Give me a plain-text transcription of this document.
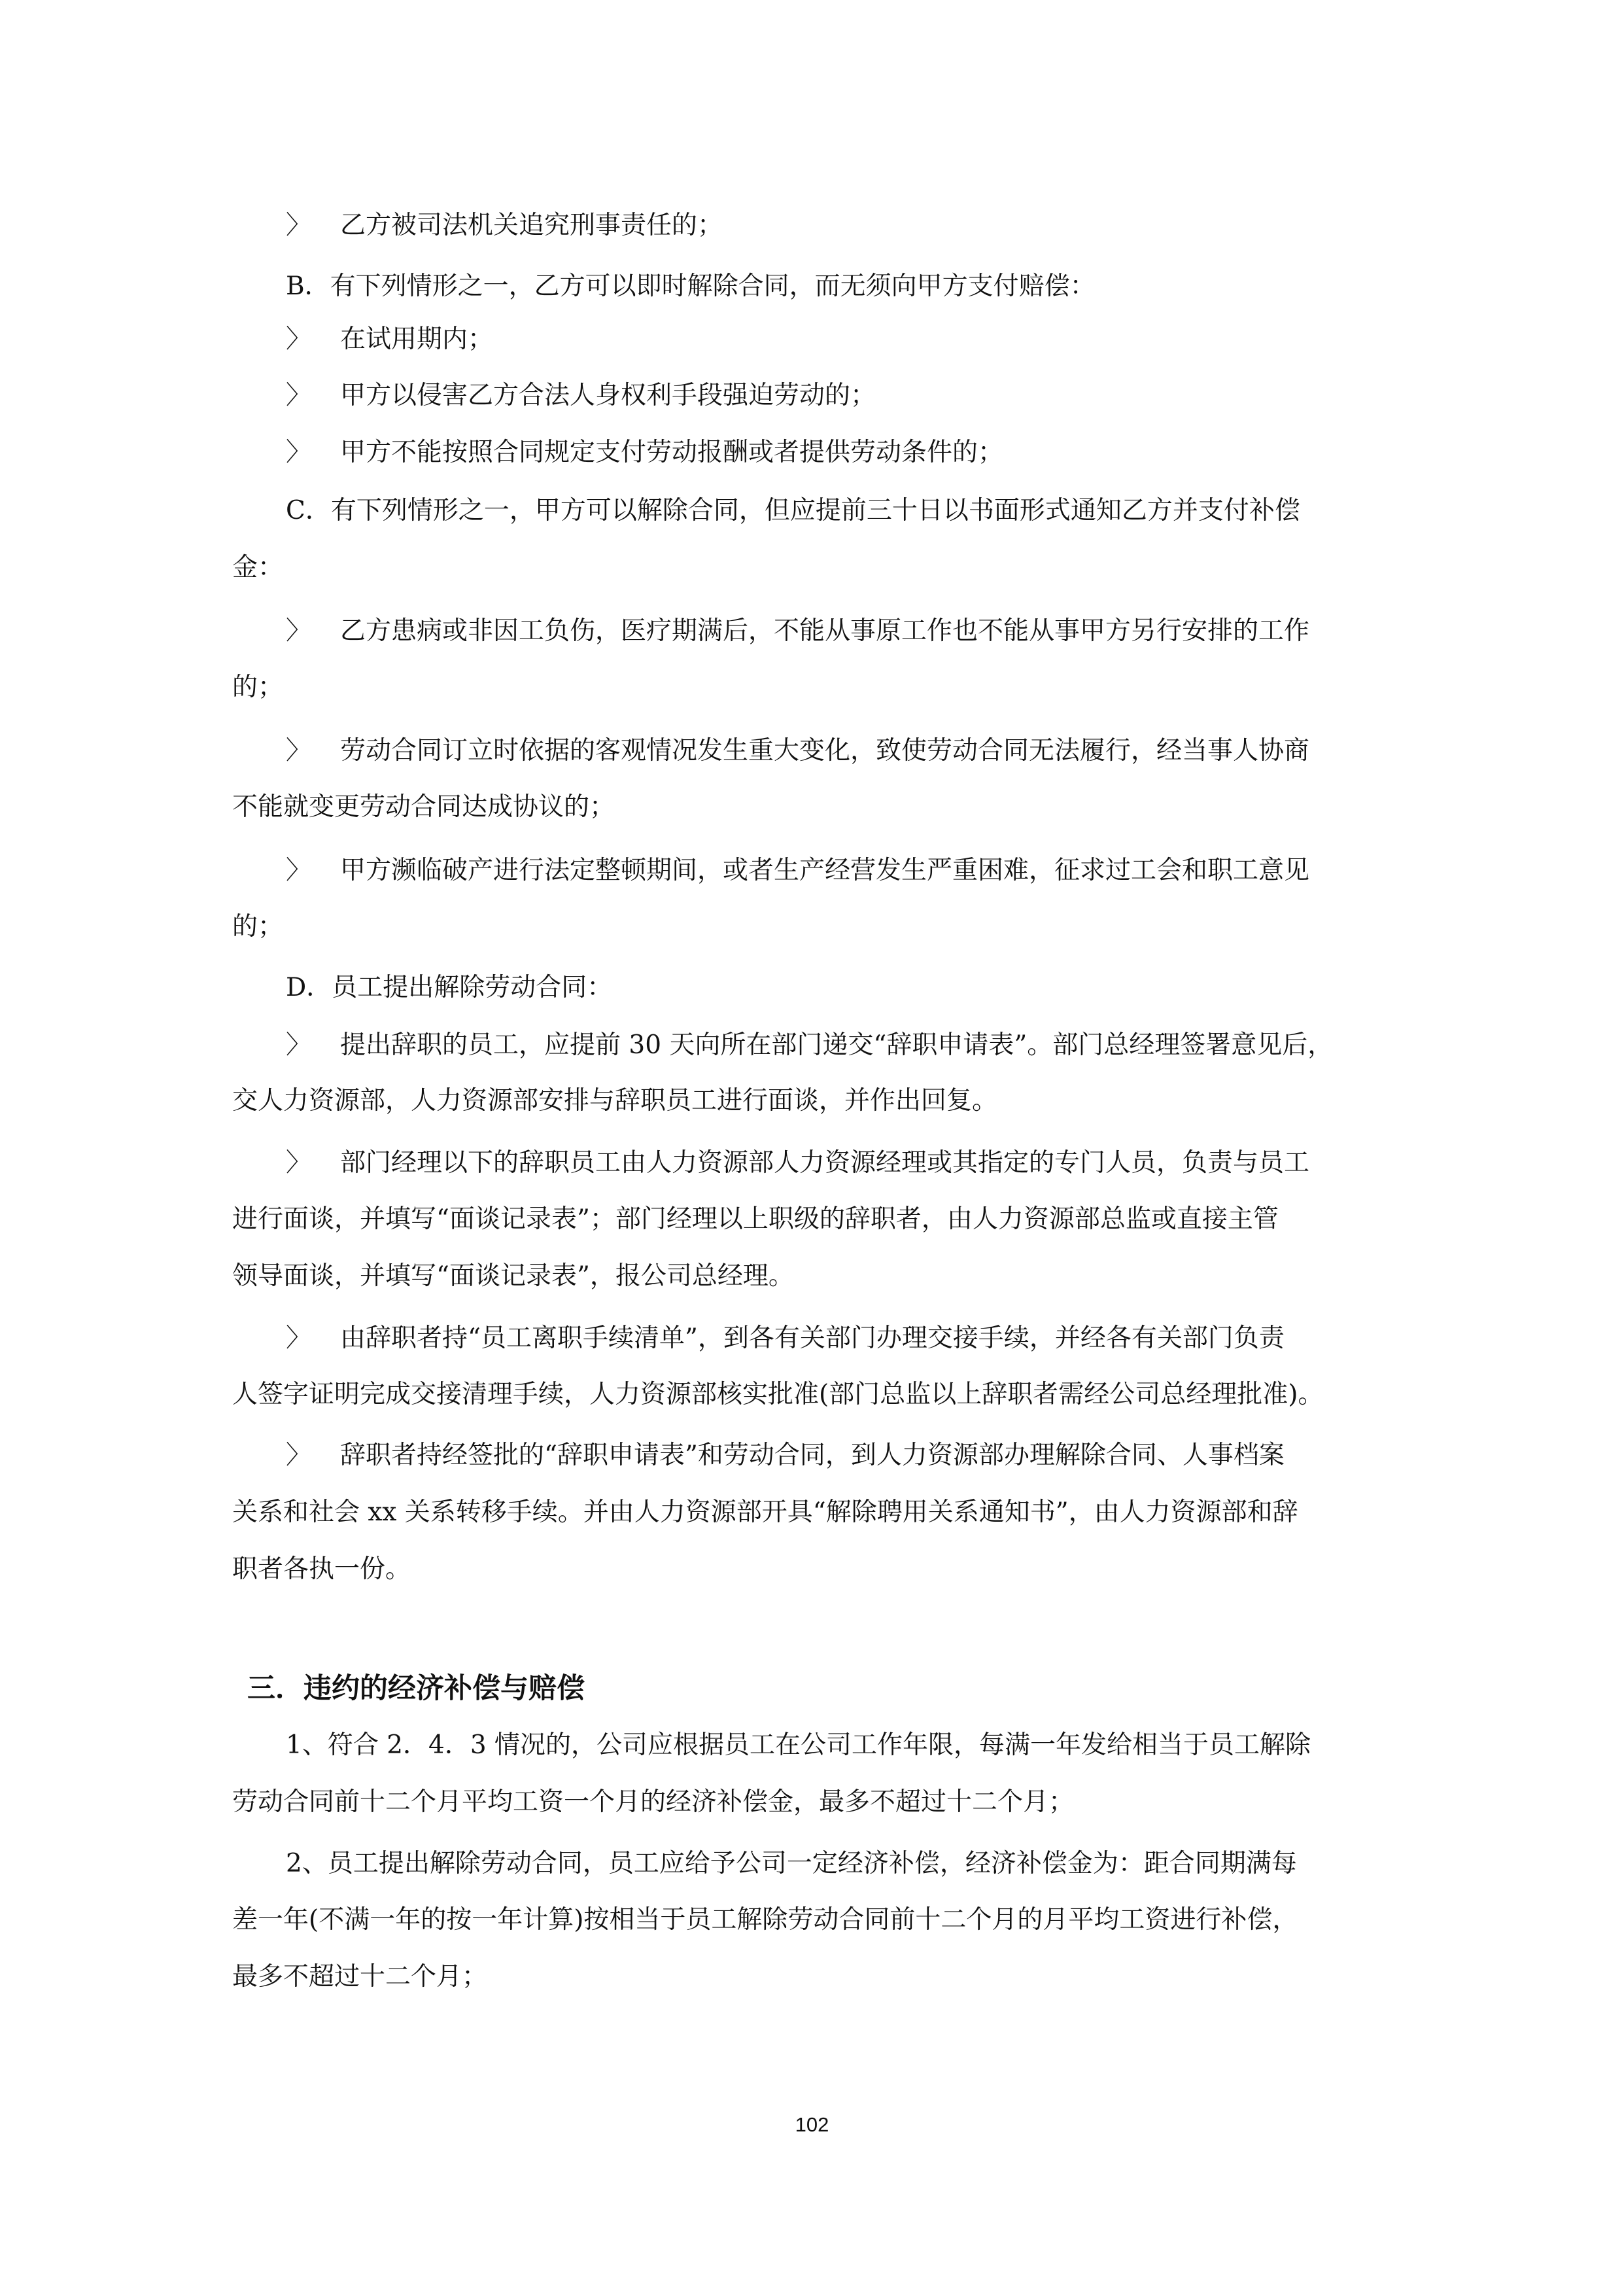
〉 乙方被司法机关追究刑事责任的；
B．有下列情形之一，乙方可以即时解除合同，而无须向甲方支付赔偿：
〉 在试用期内；
〉 甲方以侵害乙方合法人身权利手段强迫劳动的；
〉 甲方不能按照合同规定支付劳动报酬或者提供劳动条件的；
C．有下列情形之一，甲方可以解除合同，但应提前三十日以书面形式通知乙方并支付补偿
金：
〉 乙方患病或非因工负伤，医疗期满后，不能从事原工作也不能从事甲方另行安排的工作
的；
〉 劳动合同订立时依据的客观情况发生重大变化，致使劳动合同无法履行，经当事人协商
不能就变更劳动合同达成协议的；
〉 甲方濒临破产进行法定整顿期间，或者生产经营发生严重困难，征求过工会和职工意见
的；
D．员工提出解除劳动合同：
〉 提出辞职的员工，应提前 30 天向所在部门递交“辞职申请表”。部门总经理签署意见后，
交人力资源部，人力资源部安排与辞职员工进行面谈，并作出回复。
〉 部门经理以下的辞职员工由人力资源部人力资源经理或其指定的专门人员，负责与员工
进行面谈，并填写“面谈记录表”；部门经理以上职级的辞职者，由人力资源部总监或直接主管
领导面谈，并填写“面谈记录表”，报公司总经理。
〉 由辞职者持“员工离职手续清单”，到各有关部门办理交接手续，并经各有关部门负责
人签字证明完成交接清理手续，人力资源部核实批准(部门总监以上辞职者需经公司总经理批准)。
〉 辞职者持经签批的“辞职申请表”和劳动合同，到人力资源部办理解除合同、人事档案
关系和社会 xx 关系转移手续。并由人力资源部开具“解除聘用关系通知书”，由人力资源部和辞
职者各执一份。
三．违约的经济补偿与赔偿
1、符合 2．4．3 情况的，公司应根据员工在公司工作年限，每满一年发给相当于员工解除
劳动合同前十二个月平均工资一个月的经济补偿金，最多不超过十二个月；
2、员工提出解除劳动合同，员工应给予公司一定经济补偿，经济补偿金为：距合同期满每
差一年(不满一年的按一年计算)按相当于员工解除劳动合同前十二个月的月平均工资进行补偿，
最多不超过十二个月；
102
